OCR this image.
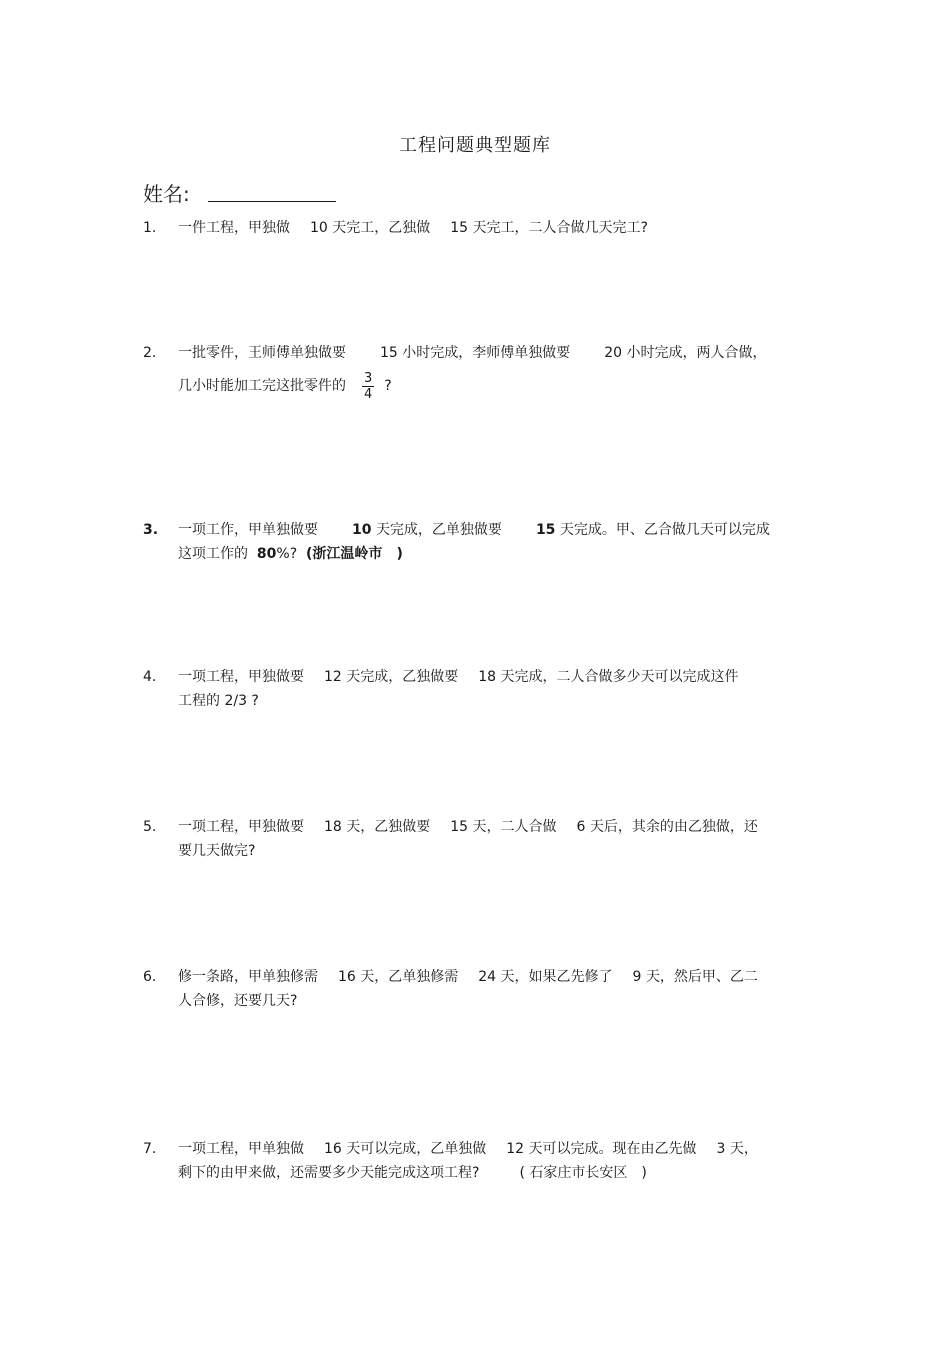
工程问题典型题库
姓名:
1. 一件工程，甲独做 10 天完工，乙独做 15 天完工，二人合做几天完工?
2. 一批零件，王师傅单独做要 15 小时完成，李师傅单独做要 20 小时完成，两人合做，
几小时能加工完这批零件的 $\frac{3}{4}$ ?
3. 一项工作，甲单独做要 10 天完成，乙单独做要 15 天完成。甲、乙合做几天可以完成
这项工作的 80%? (浙江温岭市 )
4. 一项工程，甲独做要 12 天完成，乙独做要 18 天完成，二人合做多少天可以完成这件
工程的 2/3 ?
5. 一项工程，甲独做要 18 天，乙独做要 15 天，二人合做 6 天后，其余的由乙独做，还
要几天做完?
6. 修一条路，甲单独修需 16 天，乙单独修需 24 天，如果乙先修了 9 天，然后甲、乙二
人合修，还要几天?
7. 一项工程，甲单独做 16 天可以完成，乙单独做 12 天可以完成。现在由乙先做 3 天，
剩下的由甲来做，还需要多少天能完成这项工程?	( 石家庄市长安区 )
